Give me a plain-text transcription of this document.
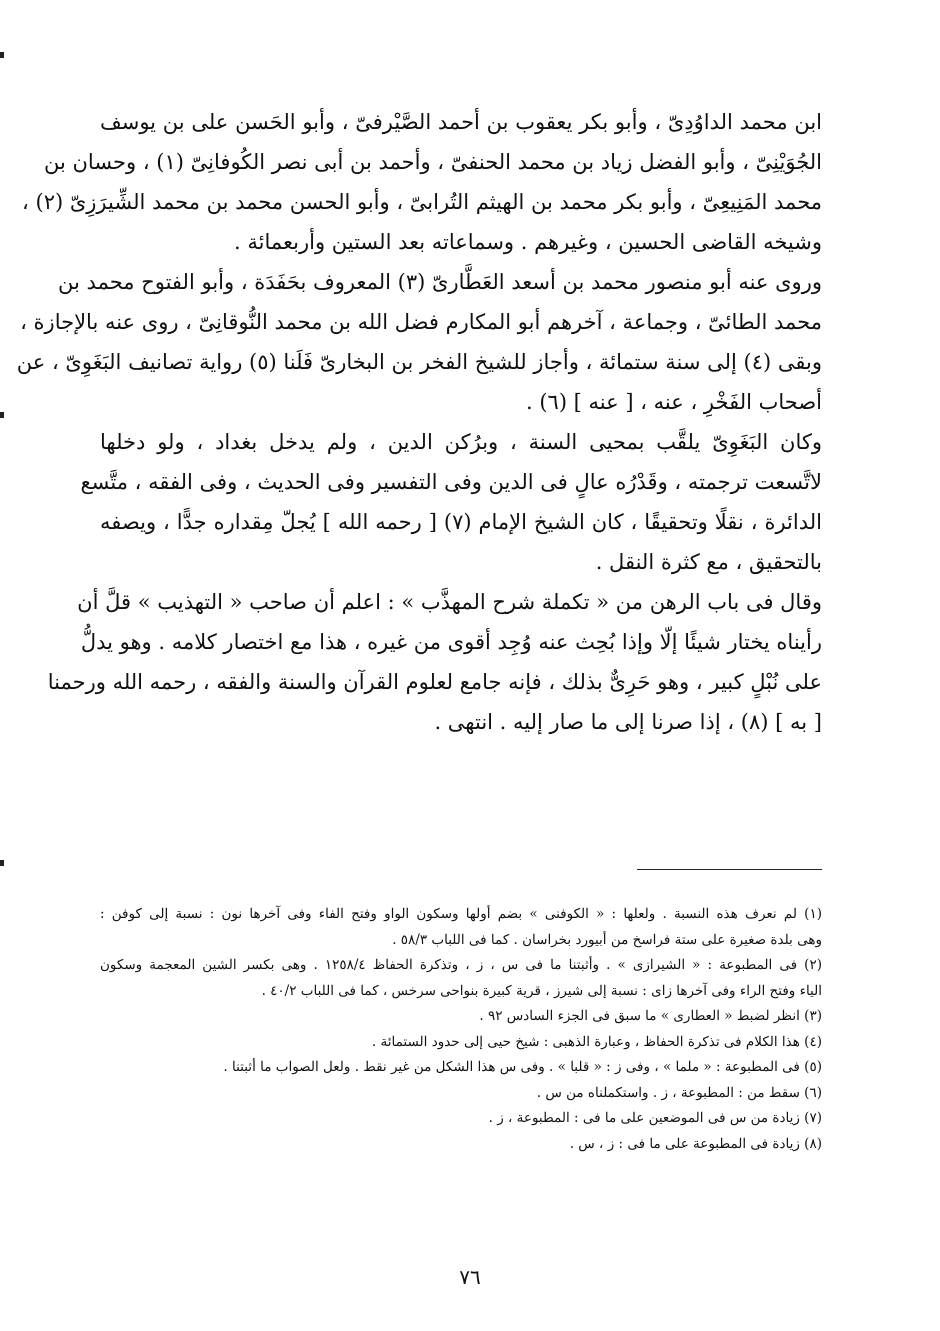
ابن محمد الداوُدِىّ ، وأبو بكر يعقوب بن أحمد الصَّيْرفىّ ، وأبو الحَسن على بن يوسف
الجُوَيْنِىّ ، وأبو الفضل زياد بن محمد الحنفىّ ، وأحمد بن أبى نصر الكُوفانِىّ (١) ، وحسان بن
محمد المَنِيعِىّ ، وأبو بكر محمد بن الهيثم التُرابىّ ، وأبو الحسن محمد بن محمد الشِّيرَزِىّ (٢) ،
وشيخه القاضى الحسين ، وغيرهم . وسماعاته بعد الستين وأربعمائة .
وروى عنه أبو منصور محمد بن أسعد العَطَّارىّ (٣) المعروف بحَفَدَة ، وأبو الفتوح محمد بن
محمد الطائىّ ، وجماعة ، آخرهم أبو المكارم فضل الله بن محمد النُّوقانِىّ ، روى عنه بالإجازة ،
وبقى (٤) إلى سنة ستمائة ، وأجاز للشيخ الفخر بن البخارىّ فَلَنا (٥) رواية تصانيف البَغَوِىّ ، عن
أصحاب الفَخْرِ ، عنه ، [ عنه ] (٦) .
وكان البَغَوِىّ يلقَّب بمحيى السنة ، وبرُكن الدين ، ولم يدخل بغداد ، ولو دخلها
لاتَّسعت ترجمته ، وقَدْرُه عالٍ فى الدين وفى التفسير وفى الحديث ، وفى الفقه ، متَّسع
الدائرة ، نقلًا وتحقيقًا ، كان الشيخ الإمام (٧) [ رحمه الله ] يُجلّ مِقداره جدًّا ، ويصفه
بالتحقيق ، مع كثرة النقل .
وقال فى باب الرهن من « تكملة شرح المهذَّب » : اعلم أن صاحب « التهذيب » قلَّ أن
رأيناه يختار شيئًا إلّا وإذا بُحِث عنه وُجِد أقوى من غيره ، هذا مع اختصار كلامه . وهو يدلُّ
على نُبْلٍ كبير ، وهو حَرِىٌّ بذلك ، فإنه جامع لعلوم القرآن والسنة والفقه ، رحمه الله ورحمنا
[ به ] (٨) ، إذا صرنا إلى ما صار إليه . انتهى .
(١) لم نعرف هذه النسبة . ولعلها : « الكوفنى » بضم أولها وسكون الواو وفتح الفاء وفى آخرها نون : نسبة إلى كوفن :
وهى بلدة صغيرة على ستة فراسخ من أبيورد بخراسان . كما فى اللباب ٥٨/٣ .
(٢) فى المطبوعة : « الشيرازى » . وأثبتنا ما فى س ، ز ، وتذكرة الحفاظ ١٢٥٨/٤ . وهى بكسر الشين المعجمة وسكون
الياء وفتح الراء وفى آخرها زاى : نسبة إلى شيرز ، قرية كبيرة بنواحى سرخس ، كما فى اللباب ٤٠/٢ .
(٣) انظر لضبط « العطارى » ما سبق فى الجزء السادس ٩٢ .
(٤) هذا الكلام فى تذكرة الحفاظ ، وعبارة الذهبى : شيخ حيى إلى حدود الستمائة .
(٥) فى المطبوعة : « ملما » ، وفى ز : « قلبا » . وفى س هذا الشكل من غير نقط . ولعل الصواب ما أثبتنا .
(٦) سقط من : المطبوعة ، ز . واستكملناه من س .
(٧) زيادة من س فى الموضعين على ما فى : المطبوعة ، ز .
(٨) زيادة فى المطبوعة على ما فى : ز ، س .
٧٦
